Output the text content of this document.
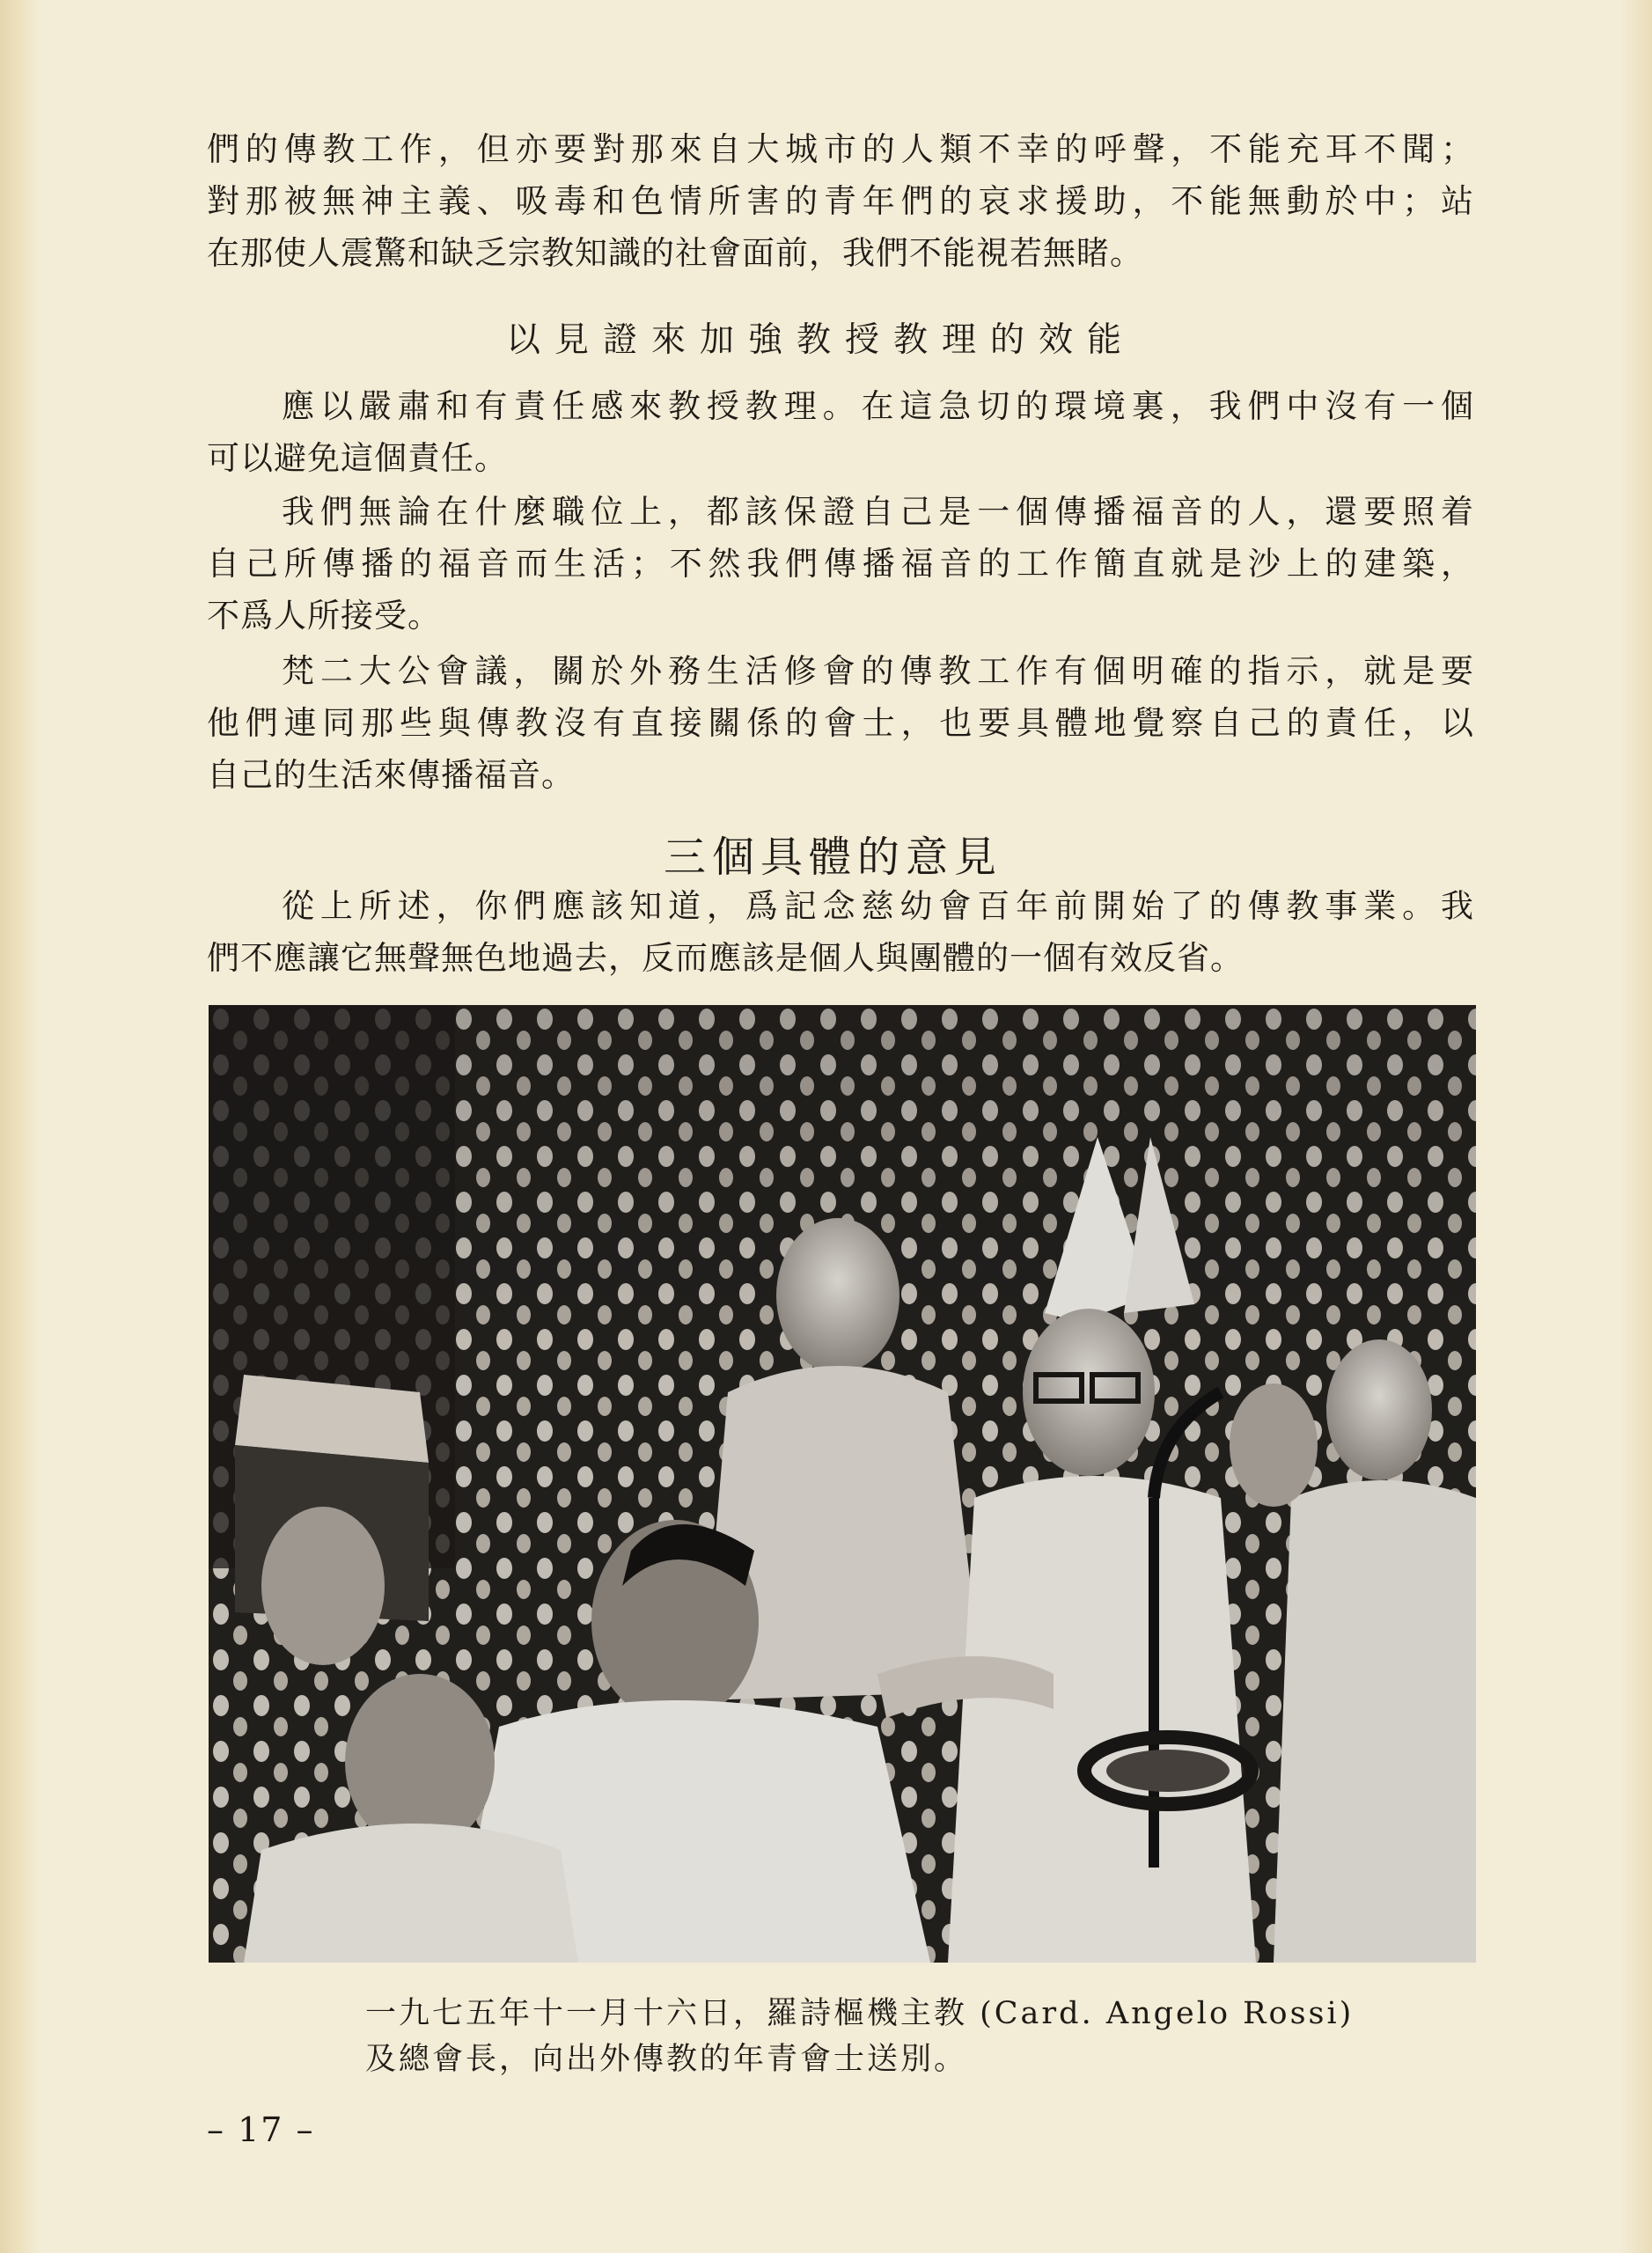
們的傳教工作，但亦要對那來自大城市的人類不幸的呼聲，不能充耳不聞；
對那被無神主義、吸毒和色情所害的青年們的哀求援助，不能無動於中；站
在那使人震驚和缺乏宗教知識的社會面前，我們不能視若無睹。
以見證來加強教授教理的效能
應以嚴肅和有責任感來教授教理。在這急切的環境裏，我們中沒有一個
可以避免這個責任。
我們無論在什麼職位上，都該保證自己是一個傳播福音的人，還要照着
自己所傳播的福音而生活；不然我們傳播福音的工作簡直就是沙上的建築，
不爲人所接受。
梵二大公會議，關於外務生活修會的傳教工作有個明確的指示，就是要
他們連同那些與傳教沒有直接關係的會士，也要具體地覺察自己的責任，以
自己的生活來傳播福音。
三個具體的意見
從上所述，你們應該知道，爲記念慈幼會百年前開始了的傳教事業。我
們不應讓它無聲無色地過去，反而應該是個人與團體的一個有效反省。
一九七五年十一月十六日，羅詩樞機主教 (Card. Angelo Rossi)
及總會長，向出外傳教的年青會士送別。
– 17 –
